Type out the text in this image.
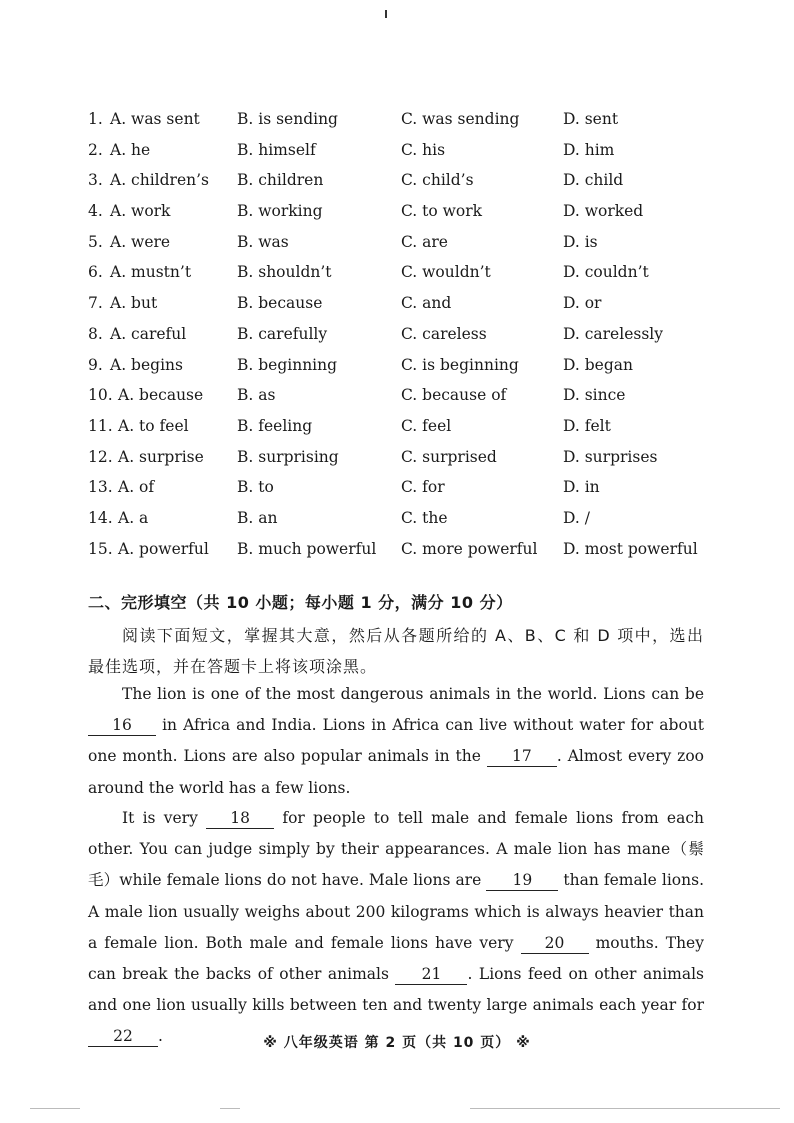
1. A. was sent B. is sending	C. was sending	D. sent
2. A. he	B. himself	C. his	D. him
3. A. children’s B. children	C. child’s	D. child
4. A. work	B. working	C. to work	D. worked
5. A. were	B. was	C. are	D. is
6. A. mustn’t	B. shouldn’t	C. wouldn’t	D. couldn’t
7. A. but	B. because	C. and	D. or
8. A. careful	B. carefully	C. careless	D. carelessly
9. A. begins	B. beginning	C. is beginning	D. began
10. A. because B. as	C. because of	D. since
11. A. to feel	B. feeling	C. feel	D. felt
12. A. surprise B. surprising	C. surprised	D. surprises
13. A. of	B. to	C. for	D. in
14. A. a	B. an	C. the	D. /
15. A. powerful B. much powerful C. more powerful D. most powerful
二、完形填空（共 10 小题；每小题 1 分，满分 10 分）
阅读下面短文，掌握其大意，然后从各题所给的 A、B、C 和 D 项中，选出最佳选项，并在答题卡上将该项涂黑。
The lion is one of the most dangerous animals in the world. Lions can be 16 in Africa and India. Lions in Africa can live without water for about one month. Lions are also popular animals in the 17 . Almost every zoo around the world has a few lions.
It is very 18 for people to tell male and female lions from each other. You can judge simply by their appearances. A male lion has mane（鬃毛）while female lions do not have. Male lions are 19 than female lions. A male lion usually weighs about 200 kilograms which is always heavier than a female lion. Both male and female lions have very 20 mouths. They can break the backs of other animals 21 . Lions feed on other animals and one lion usually kills between ten and twenty large animals each year for 22 .	※ 八年级英语 第 2 页（共 10 页） ※
